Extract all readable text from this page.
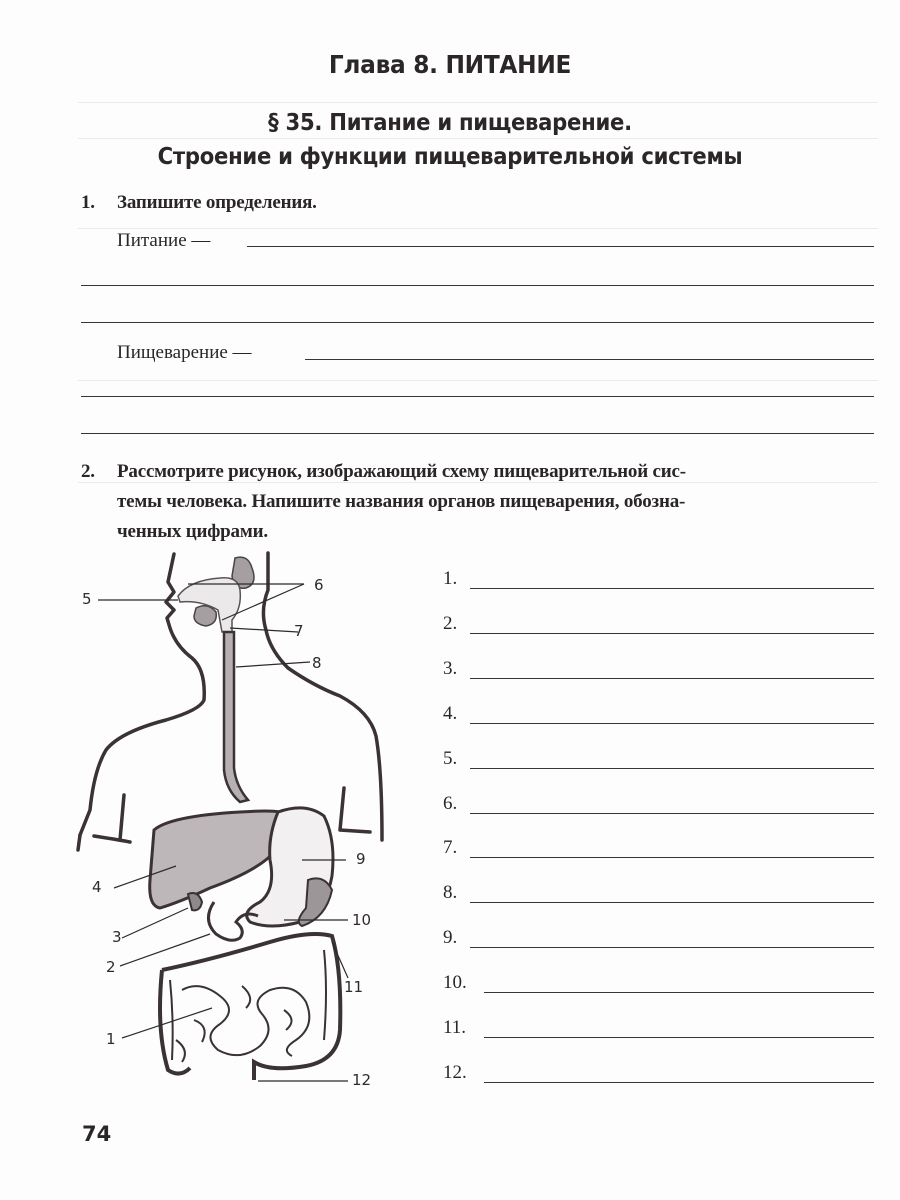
Глава 8. ПИТАНИЕ
§ 35. Питание и пищеварение.
Строение и функции пищеварительной системы
1. Запишите определения.
Питание —
Пищеварение —
2. Рассмотрите рисунок, изображающий схему пищеварительной сис-
темы человека. Напишите названия органов пищеварения, обозна-
ченных цифрами.
5
6
7
8
4
9
3
10
2
11
1
12
1.
2.
3.
4.
5.
6.
7.
8.
9.
10.
11.
12.
74
